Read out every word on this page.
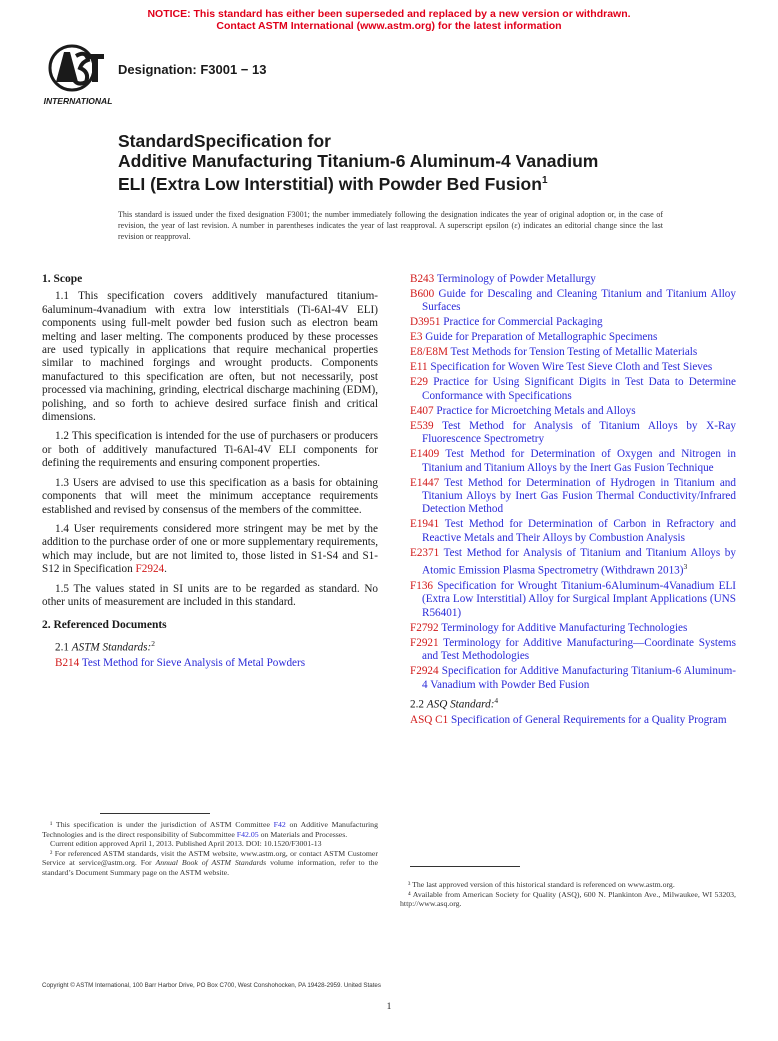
NOTICE: This standard has either been superseded and replaced by a new version or withdrawn.
Contact ASTM International (www.astm.org) for the latest information
INTERNATIONAL
Designation: F3001 − 13
StandardSpecification for
Additive Manufacturing Titanium-6 Aluminum-4 Vanadium
ELI (Extra Low Interstitial) with Powder Bed Fusion$^1$
This standard is issued under the fixed designation F3001; the number immediately following the designation indicates the year of original adoption or, in the case of revision, the year of last revision. A number in parentheses indicates the year of last reapproval. A superscript epsilon (ε) indicates an editorial change since the last revision or reapproval.
1. Scope

1.1 This specification covers additively manufactured titanium-6aluminum-4vanadium with extra low interstitials (Ti-6Al-4V ELI) components using full-melt powder bed fusion such as electron beam melting and laser melting. The components produced by these processes are used typically in applications that require mechanical properties similar to machined forgings and wrought products. Components manufactured to this specification are often, but not necessarily, post processed via machining, grinding, electrical discharge machining (EDM), polishing, and so forth to achieve desired surface finish and critical dimensions.

1.2 This specification is intended for the use of purchasers or producers or both of additively manufactured Ti-6Al-4V ELI components for defining the requirements and ensuring component properties.

1.3 Users are advised to use this specification as a basis for obtaining components that will meet the minimum acceptance requirements established and revised by consensus of the members of the committee.

1.4 User requirements considered more stringent may be met by the addition to the purchase order of one or more supplementary requirements, which may include, but are not limited to, those listed in S1-S4 and S1-S12 in Specification F2924.

1.5 The values stated in SI units are to be regarded as standard. No other units of measurement are included in this standard.

2. Referenced Documents
2.1 ASTM Standards:$^2$
B214 Test Method for Sieve Analysis of Metal Powders

¹ This specification is under the jurisdiction of ASTM Committee F42 on Additive Manufacturing Technologies and is the direct responsibility of Subcommittee F42.05 on Materials and Processes.

Current edition approved April 1, 2013. Published April 2013. DOI: 10.1520/F3001-13

² For referenced ASTM standards, visit the ASTM website, www.astm.org, or contact ASTM Customer Service at service@astm.org. For Annual Book of ASTM Standards volume information, refer to the standard’s Document Summary page on the ASTM website.

B243 Terminology of Powder Metallurgy
B600 Guide for Descaling and Cleaning Titanium and Titanium Alloy Surfaces
D3951 Practice for Commercial Packaging
E3 Guide for Preparation of Metallographic Specimens
E8/E8M Test Methods for Tension Testing of Metallic Materials
E11 Specification for Woven Wire Test Sieve Cloth and Test Sieves
E29 Practice for Using Significant Digits in Test Data to Determine Conformance with Specifications
E407 Practice for Microetching Metals and Alloys
E539 Test Method for Analysis of Titanium Alloys by X-Ray Fluorescence Spectrometry
E1409 Test Method for Determination of Oxygen and Nitrogen in Titanium and Titanium Alloys by the Inert Gas Fusion Technique
E1447 Test Method for Determination of Hydrogen in Titanium and Titanium Alloys by Inert Gas Fusion Thermal Conductivity/Infrared Detection Method
E1941 Test Method for Determination of Carbon in Refractory and Reactive Metals and Their Alloys by Combustion Analysis
E2371 Test Method for Analysis of Titanium and Titanium Alloys by Atomic Emission Plasma Spectrometry (Withdrawn 2013)$^3$
F136 Specification for Wrought Titanium-6Aluminum-4Vanadium ELI (Extra Low Interstitial) Alloy for Surgical Implant Applications (UNS R56401)
F2792 Terminology for Additive Manufacturing Technologies
F2921 Terminology for Additive Manufacturing—Coordinate Systems and Test Methodologies
F2924 Specification for Additive Manufacturing Titanium-6 Aluminum-4 Vanadium with Powder Bed Fusion
2.2 ASQ Standard:$^4$
ASQ C1 Specification of General Requirements for a Quality Program

³ The last approved version of this historical standard is referenced on www.astm.org.

⁴ Available from American Society for Quality (ASQ), 600 N. Plankinton Ave., Milwaukee, WI 53203, http://www.asq.org.

Copyright © ASTM International, 100 Barr Harbor Drive, PO Box C700, West Conshohocken, PA 19428-2959. United States
1
